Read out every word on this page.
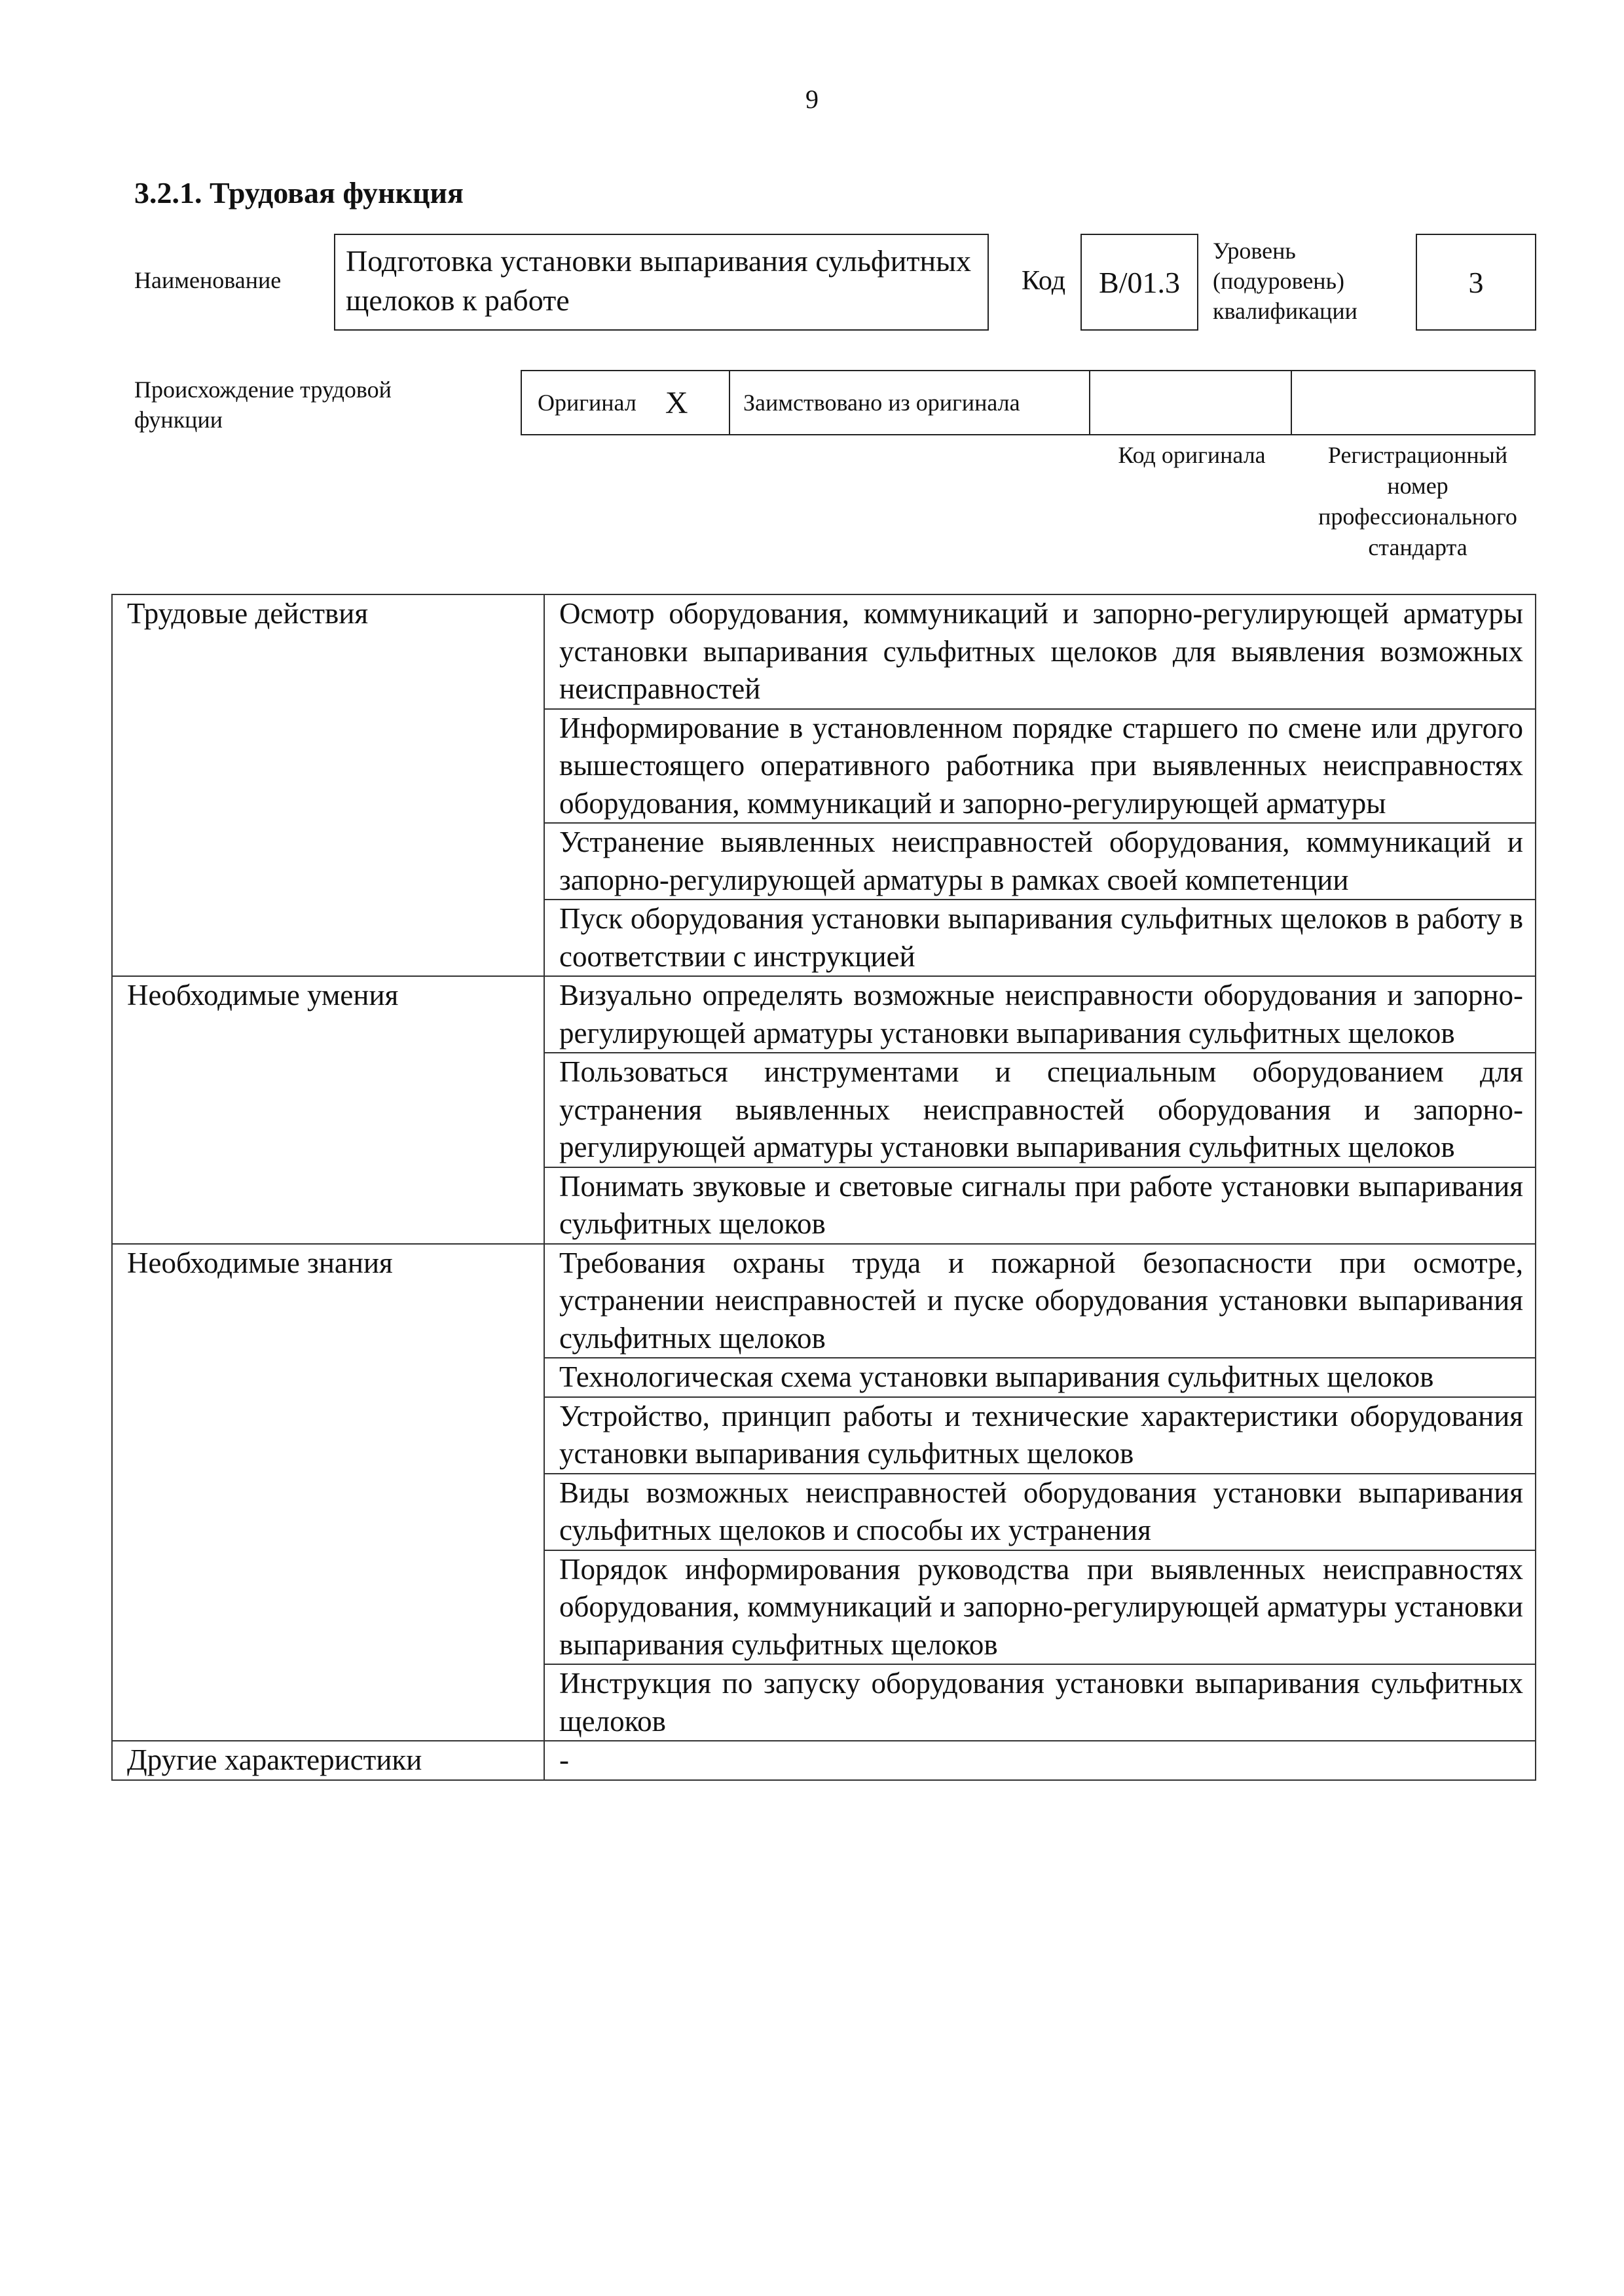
9
3.2.1. Трудовая функция
Наименование
Подготовка установки выпаривания сульфитных щелоков к работе
Код B/01.3
Уровень (подуровень) квалификации
3
Происхождение трудовой функции
Оригинал X Заимствовано из оригинала
Код оригинала	Регистрационный номер профессионального стандарта
Трудовые действия	Осмотр оборудования, коммуникаций и запорно-регулирующей арматуры установки выпаривания сульфитных щелоков для выявления возможных неисправностей
	Информирование в установленном порядке старшего по смене или другого вышестоящего оперативного работника при выявленных неисправностях оборудования, коммуникаций и запорно-регулирующей арматуры
	Устранение выявленных неисправностей оборудования, коммуникаций и запорно-регулирующей арматуры в рамках своей компетенции
	Пуск оборудования установки выпаривания сульфитных щелоков в работу в соответствии с инструкцией
Необходимые умения	Визуально определять возможные неисправности оборудования и запорно-регулирующей арматуры установки выпаривания сульфитных щелоков
	Пользоваться инструментами и специальным оборудованием для устранения выявленных неисправностей оборудования и запорно-регулирующей арматуры установки выпаривания сульфитных щелоков
	Понимать звуковые и световые сигналы при работе установки выпаривания сульфитных щелоков
Необходимые знания	Требования охраны труда и пожарной безопасности при осмотре, устранении неисправностей и пуске оборудования установки выпаривания сульфитных щелоков
	Технологическая схема установки выпаривания сульфитных щелоков
	Устройство, принцип работы и технические характеристики оборудования установки выпаривания сульфитных щелоков
	Виды возможных неисправностей оборудования установки выпаривания сульфитных щелоков и способы их устранения
	Порядок информирования руководства при выявленных неисправностях оборудования, коммуникаций и запорно-регулирующей арматуры установки выпаривания сульфитных щелоков
	Инструкция по запуску оборудования установки выпаривания сульфитных щелоков
Другие характеристики	-
